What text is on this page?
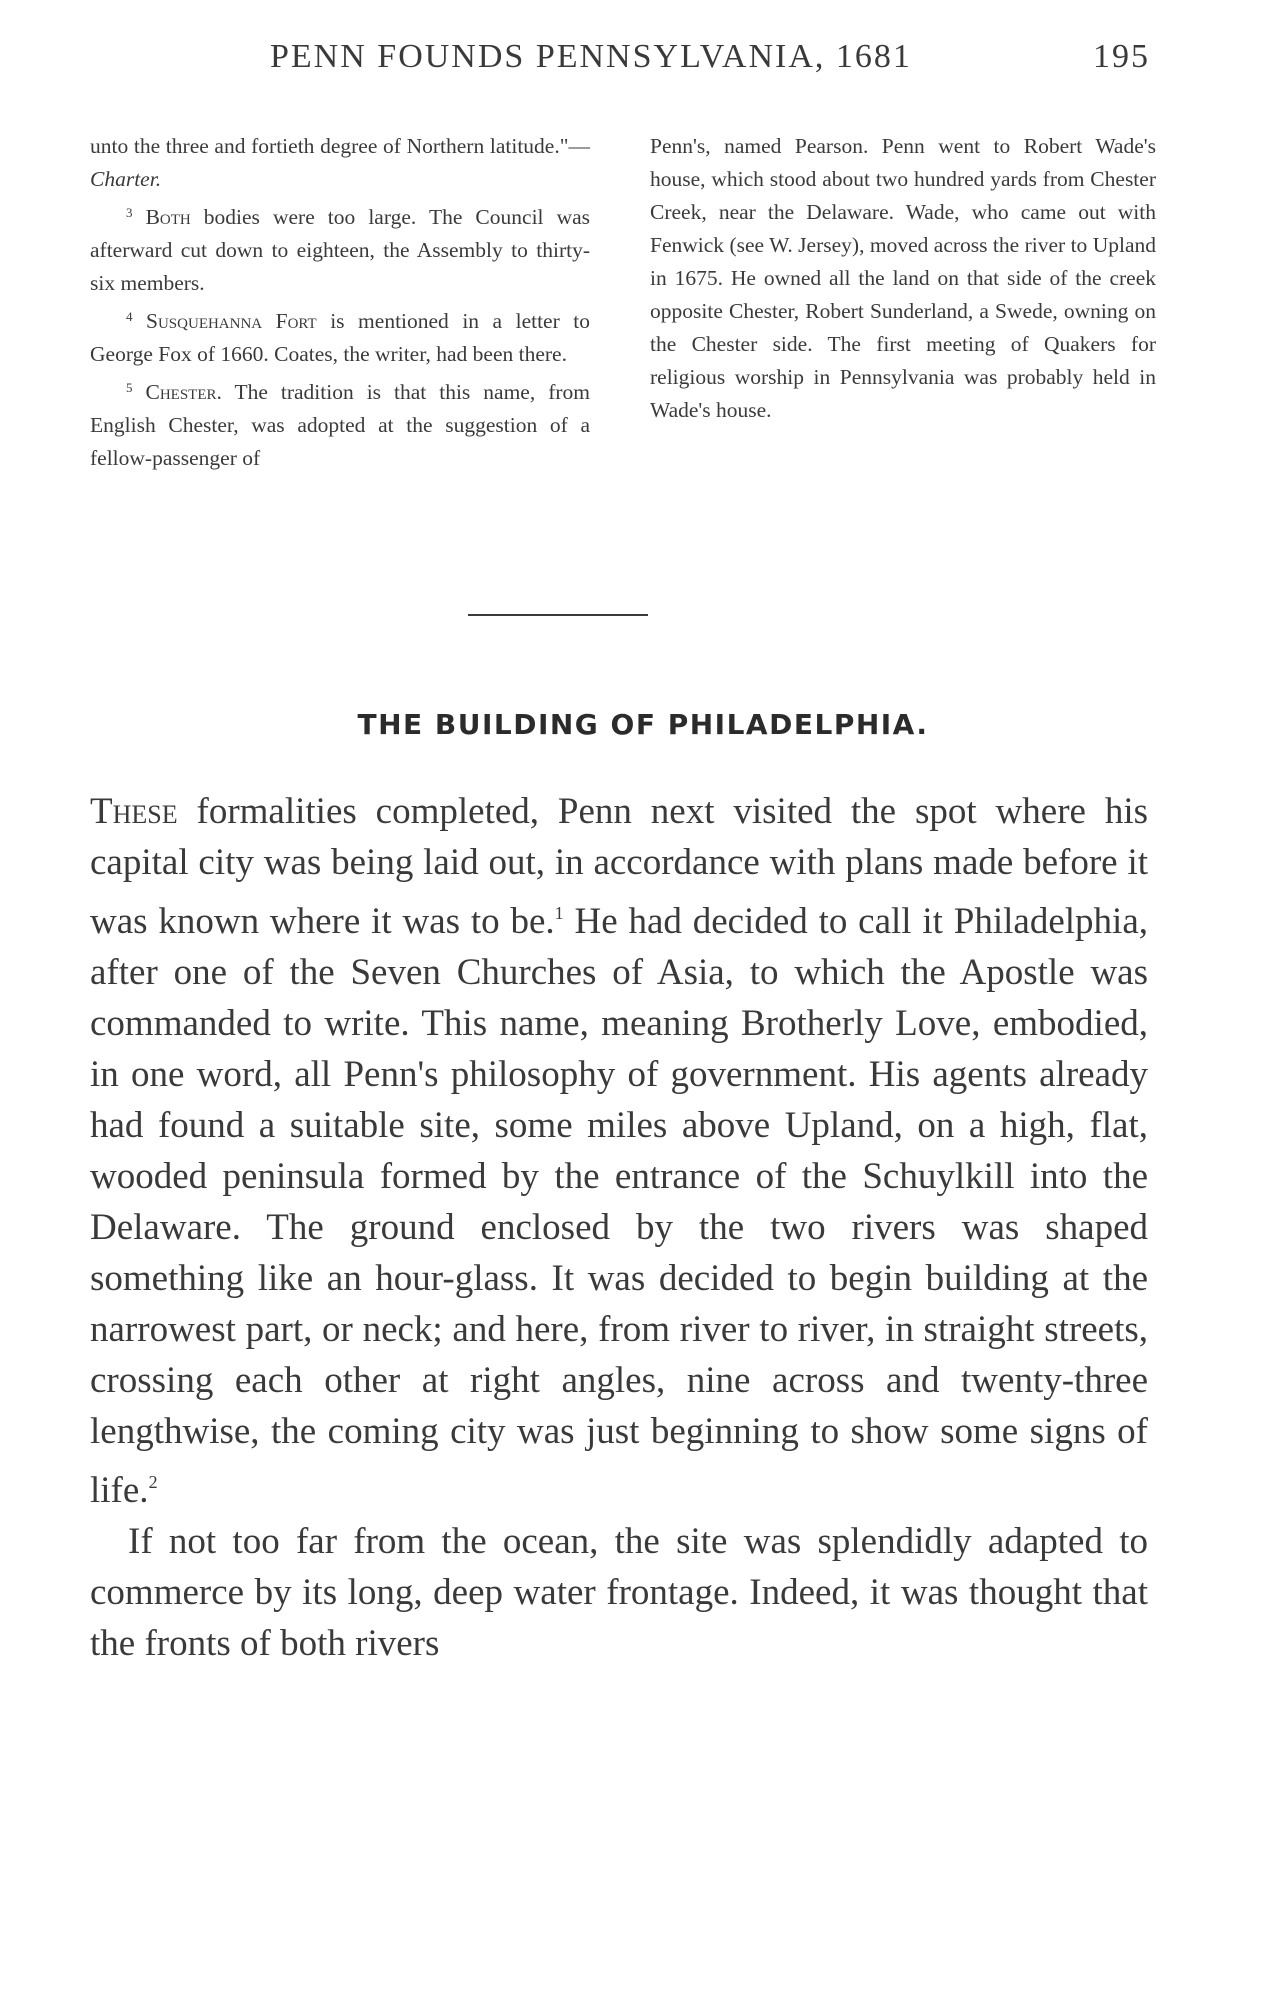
PENN FOUNDS PENNSYLVANIA, 1681	195

unto the three and fortieth degree of Northern latitude."—Charter.

$^3$ Both bodies were too large. The Council was afterward cut down to eighteen, the Assembly to thirty-six members.

$^4$ Susquehanna Fort is mentioned in a letter to George Fox of 1660. Coates, the writer, had been there.

$^5$ Chester. The tradition is that this name, from English Chester, was adopted at the suggestion of a fellow-passenger of

Penn's, named Pearson. Penn went to Robert Wade's house, which stood about two hundred yards from Chester Creek, near the Delaware. Wade, who came out with Fenwick (see W. Jersey), moved across the river to Upland in 1675. He owned all the land on that side of the creek opposite Chester, Robert Sunderland, a Swede, owning on the Chester side. The first meeting of Quakers for religious worship in Pennsylvania was probably held in Wade's house.

THE BUILDING OF PHILADELPHIA.

These formalities completed, Penn next visited the spot where his capital city was being laid out, in accordance with plans made before it was known where it was to be.$^1$ He had decided to call it Philadelphia, after one of the Seven Churches of Asia, to which the Apostle was commanded to write. This name, meaning Brotherly Love, embodied, in one word, all Penn's philosophy of government. His agents already had found a suitable site, some miles above Upland, on a high, flat, wooded peninsula formed by the entrance of the Schuylkill into the Delaware. The ground enclosed by the two rivers was shaped something like an hour-glass. It was decided to begin building at the narrowest part, or neck; and here, from river to river, in straight streets, crossing each other at right angles, nine across and twenty-three lengthwise, the coming city was just beginning to show some signs of life.$^2$

If not too far from the ocean, the site was splendidly adapted to commerce by its long, deep water frontage. Indeed, it was thought that the fronts of both rivers
